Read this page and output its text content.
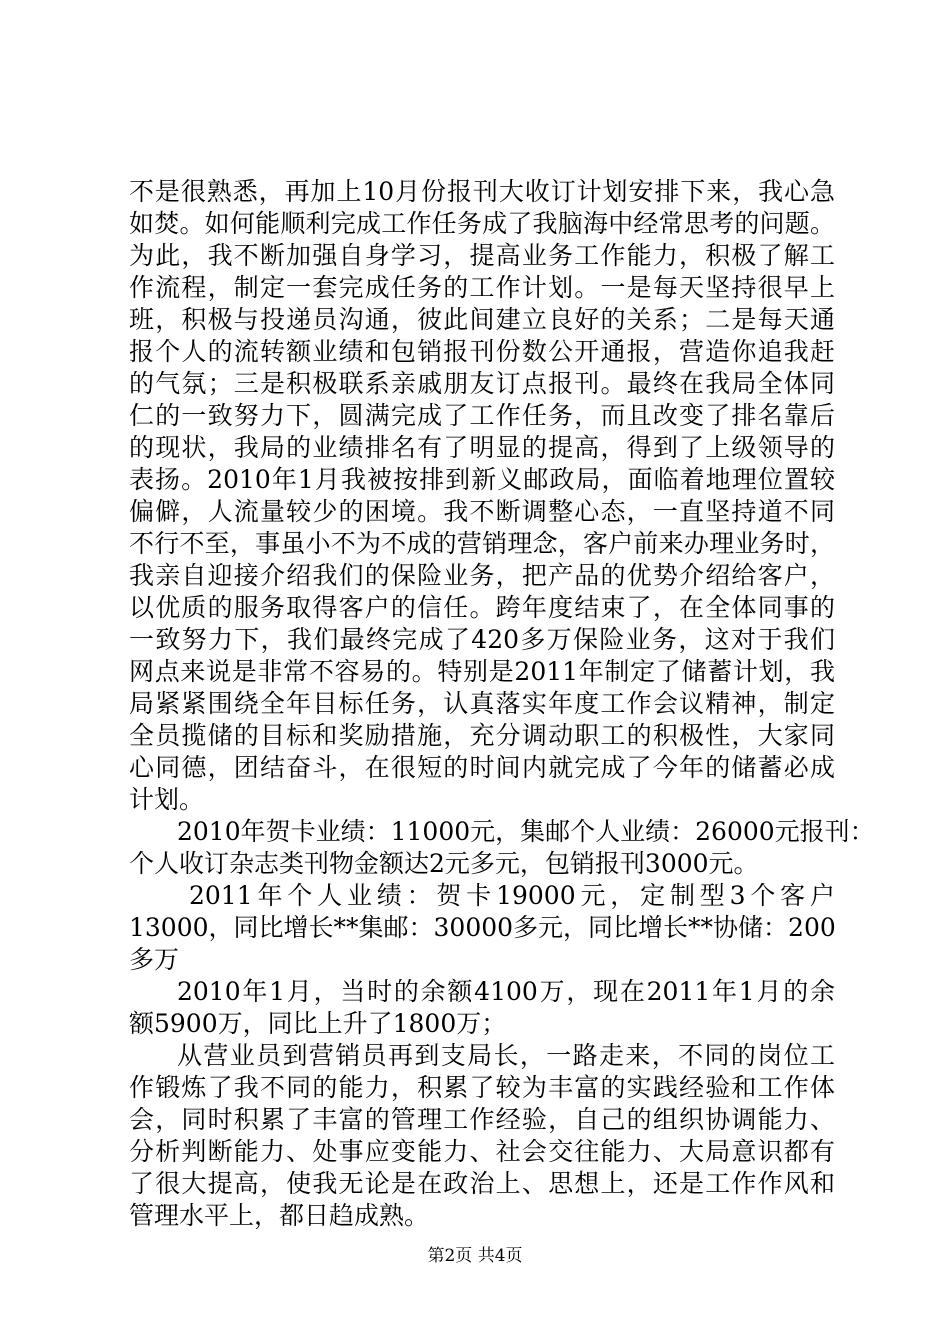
不是很熟悉，再加上10月份报刊大收订计划安排下来，我心急
如焚。如何能顺利完成工作任务成了我脑海中经常思考的问题。
为此，我不断加强自身学习，提高业务工作能力，积极了解工
作流程，制定一套完成任务的工作计划。一是每天坚持很早上
班，积极与投递员沟通，彼此间建立良好的关系；二是每天通
报个人的流转额业绩和包销报刊份数公开通报，营造你追我赶
的气氛；三是积极联系亲戚朋友订点报刊。最终在我局全体同
仁的一致努力下，圆满完成了工作任务，而且改变了排名靠后
的现状，我局的业绩排名有了明显的提高，得到了上级领导的
表扬。2010年1月我被按排到新义邮政局，面临着地理位置较
偏僻，人流量较少的困境。我不断调整心态，一直坚持道不同
不行不至，事虽小不为不成的营销理念，客户前来办理业务时，
我亲自迎接介绍我们的保险业务，把产品的优势介绍给客户，
以优质的服务取得客户的信任。跨年度结束了，在全体同事的
一致努力下，我们最终完成了420多万保险业务，这对于我们
网点来说是非常不容易的。特别是2011年制定了储蓄计划，我
局紧紧围绕全年目标任务，认真落实年度工作会议精神，制定
全员揽储的目标和奖励措施，充分调动职工的积极性，大家同
心同德，团结奋斗，在很短的时间内就完成了今年的储蓄必成
计划。
2010年贺卡业绩：11000元，集邮个人业绩：26000元报刊：
个人收订杂志类刊物金额达2元多元，包销报刊3000元。
2011年个人业绩：贺卡19000元，定制型3个客户
13000，同比增长**集邮：30000多元，同比增长**协储：200
多万
2010年1月，当时的余额4100万，现在2011年1月的余
额5900万，同比上升了1800万；
从营业员到营销员再到支局长，一路走来，不同的岗位工
作锻炼了我不同的能力，积累了较为丰富的实践经验和工作体
会，同时积累了丰富的管理工作经验，自己的组织协调能力、
分析判断能力、处事应变能力、社会交往能力、大局意识都有
了很大提高，使我无论是在政治上、思想上，还是工作作风和
管理水平上，都日趋成熟。
第2页 共4页
